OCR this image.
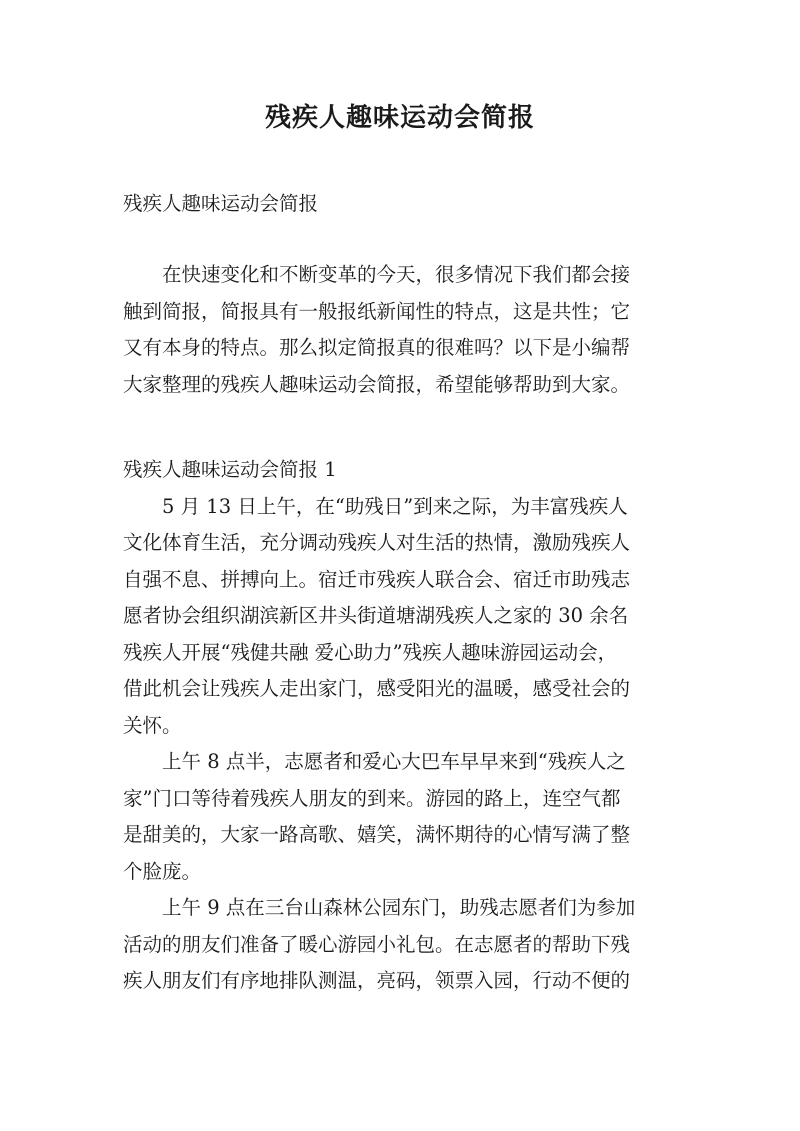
残疾人趣味运动会简报
残疾人趣味运动会简报
在快速变化和不断变革的今天，很多情况下我们都会接
触到简报，简报具有一般报纸新闻性的特点，这是共性；它
又有本身的特点。那么拟定简报真的很难吗？以下是小编帮
大家整理的残疾人趣味运动会简报，希望能够帮助到大家。
残疾人趣味运动会简报 1
5 月 13 日上午，在“助残日”到来之际，为丰富残疾人
文化体育生活，充分调动残疾人对生活的热情，激励残疾人
自强不息、拼搏向上。宿迁市残疾人联合会、宿迁市助残志
愿者协会组织湖滨新区井头街道塘湖残疾人之家的 30 余名
残疾人开展“残健共融 爱心助力”残疾人趣味游园运动会，
借此机会让残疾人走出家门，感受阳光的温暖，感受社会的
关怀。
上午 8 点半，志愿者和爱心大巴车早早来到“残疾人之
家”门口等待着残疾人朋友的到来。游园的路上，连空气都
是甜美的，大家一路高歌、嬉笑，满怀期待的心情写满了整
个脸庞。
上午 9 点在三台山森林公园东门，助残志愿者们为参加
活动的朋友们准备了暖心游园小礼包。在志愿者的帮助下残
疾人朋友们有序地排队测温，亮码，领票入园，行动不便的
